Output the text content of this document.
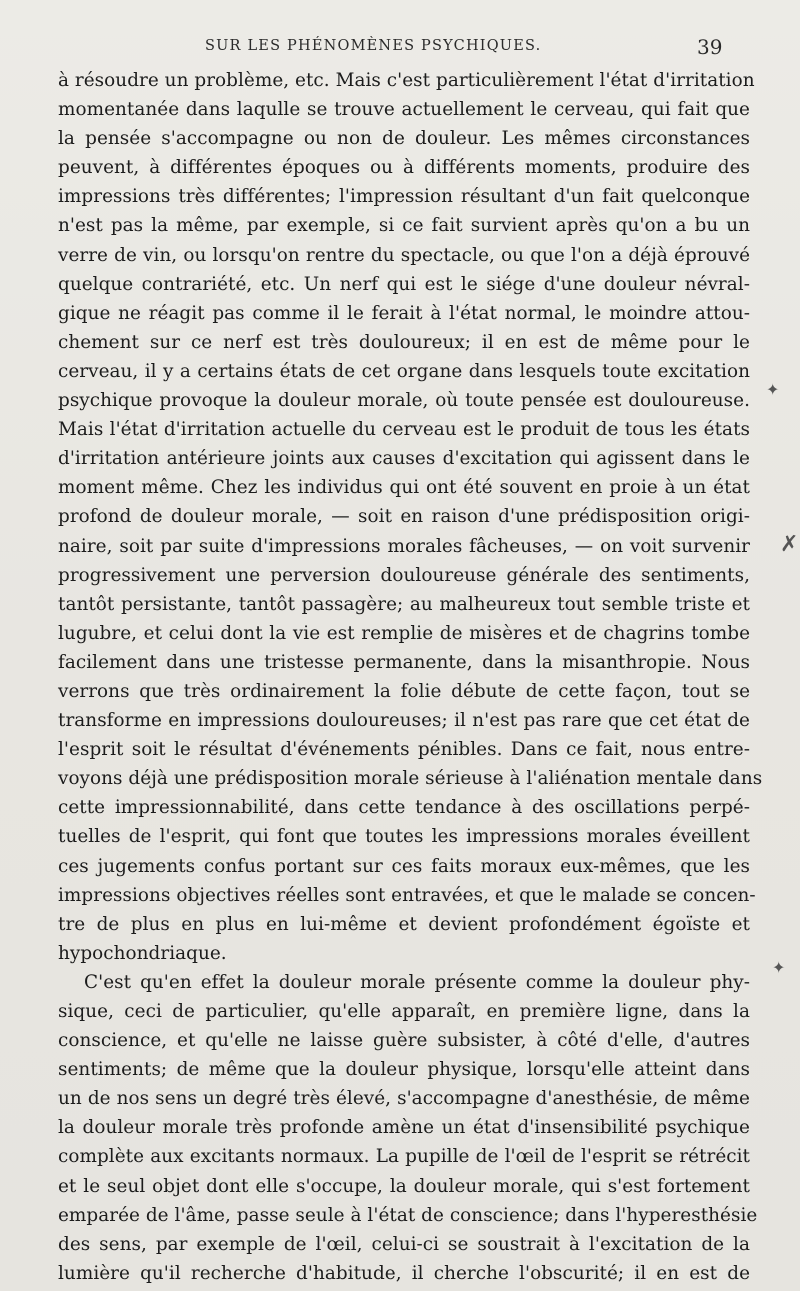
SUR LES PHÉNOMÈNES PSYCHIQUES.	39
à résoudre un problème, etc. Mais c'est particulièrement l'état d'irritation
momentanée dans laqulle se trouve actuellement le cerveau, qui fait que
la pensée s'accompagne ou non de douleur. Les mêmes circonstances
peuvent, à différentes époques ou à différents moments, produire des
impressions très différentes; l'impression résultant d'un fait quelconque
n'est pas la même, par exemple, si ce fait survient après qu'on a bu un
verre de vin, ou lorsqu'on rentre du spectacle, ou que l'on a déjà éprouvé
quelque contrariété, etc. Un nerf qui est le siége d'une douleur névral-
gique ne réagit pas comme il le ferait à l'état normal, le moindre attou-
chement sur ce nerf est très douloureux; il en est de même pour le
cerveau, il y a certains états de cet organe dans lesquels toute excitation
psychique provoque la douleur morale, où toute pensée est douloureuse.
Mais l'état d'irritation actuelle du cerveau est le produit de tous les états
d'irritation antérieure joints aux causes d'excitation qui agissent dans le
moment même. Chez les individus qui ont été souvent en proie à un état
profond de douleur morale, — soit en raison d'une prédisposition origi-
naire, soit par suite d'impressions morales fâcheuses, — on voit survenir
progressivement une perversion douloureuse générale des sentiments,
tantôt persistante, tantôt passagère; au malheureux tout semble triste et
lugubre, et celui dont la vie est remplie de misères et de chagrins tombe
facilement dans une tristesse permanente, dans la misanthropie. Nous
verrons que très ordinairement la folie débute de cette façon, tout se
transforme en impressions douloureuses; il n'est pas rare que cet état de
l'esprit soit le résultat d'événements pénibles. Dans ce fait, nous entre-
voyons déjà une prédisposition morale sérieuse à l'aliénation mentale dans
cette impressionnabilité, dans cette tendance à des oscillations perpé-
tuelles de l'esprit, qui font que toutes les impressions morales éveillent
ces jugements confus portant sur ces faits moraux eux-mêmes, que les
impressions objectives réelles sont entravées, et que le malade se concen-
tre de plus en plus en lui-même et devient profondément égoïste et
hypochondriaque.
C'est qu'en effet la douleur morale présente comme la douleur phy-
sique, ceci de particulier, qu'elle apparaît, en première ligne, dans la
conscience, et qu'elle ne laisse guère subsister, à côté d'elle, d'autres
sentiments; de même que la douleur physique, lorsqu'elle atteint dans
un de nos sens un degré très élevé, s'accompagne d'anesthésie, de même
la douleur morale très profonde amène un état d'insensibilité psychique
complète aux excitants normaux. La pupille de l'œil de l'esprit se rétrécit
et le seul objet dont elle s'occupe, la douleur morale, qui s'est fortement
emparée de l'âme, passe seule à l'état de conscience; dans l'hyperesthésie
des sens, par exemple de l'œil, celui-ci se soustrait à l'excitation de la
lumière qu'il recherche d'habitude, il cherche l'obscurité; il en est de
✦
✗
✦
